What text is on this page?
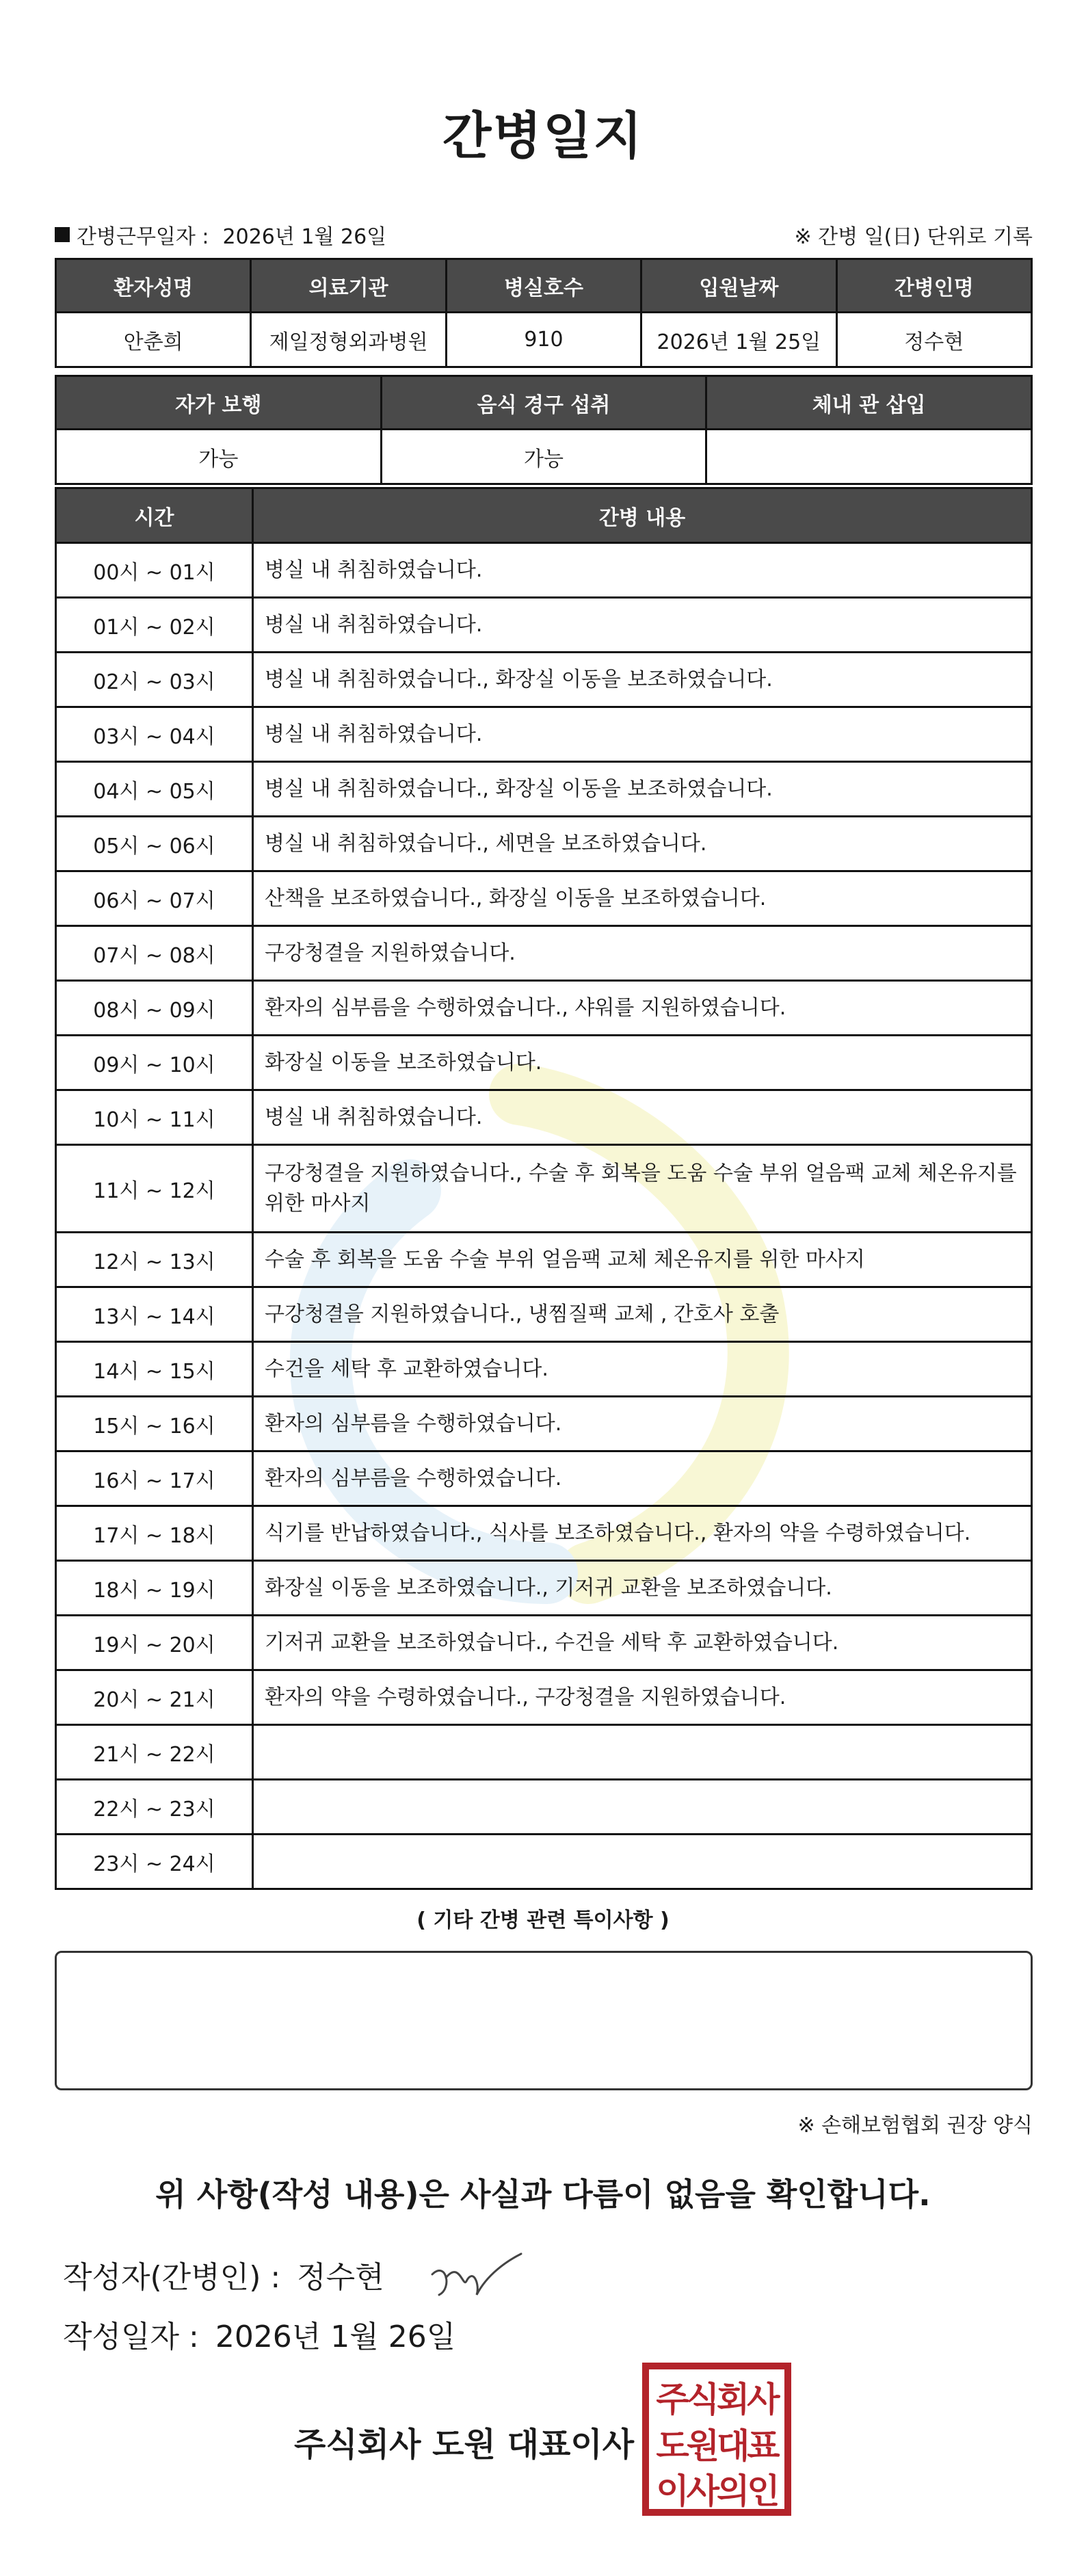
간병일지
간병근무일자 : 2026년 1월 26일	※ 간병 일(日) 단위로 기록
환자성명	의료기관	병실호수	입원날짜	간병인명
안춘희	제일정형외과병원	910	2026년 1월 25일	정수현
자가 보행	음식 경구 섭취	체내 관 삽입
가능	가능	
시간	간병 내용
00시 ~ 01시	병실 내 취침하였습니다.
01시 ~ 02시	병실 내 취침하였습니다.
02시 ~ 03시	병실 내 취침하였습니다., 화장실 이동을 보조하였습니다.
03시 ~ 04시	병실 내 취침하였습니다.
04시 ~ 05시	병실 내 취침하였습니다., 화장실 이동을 보조하였습니다.
05시 ~ 06시	병실 내 취침하였습니다., 세면을 보조하였습니다.
06시 ~ 07시	산책을 보조하였습니다., 화장실 이동을 보조하였습니다.
07시 ~ 08시	구강청결을 지원하였습니다.
08시 ~ 09시	환자의 심부름을 수행하였습니다., 샤워를 지원하였습니다.
09시 ~ 10시	화장실 이동을 보조하였습니다.
10시 ~ 11시	병실 내 취침하였습니다.
11시 ~ 12시	구강청결을 지원하였습니다., 수술 후 회복을 도움 수술 부위 얼음팩 교체 체온유지를 위한 마사지
12시 ~ 13시	수술 후 회복을 도움 수술 부위 얼음팩 교체 체온유지를 위한 마사지
13시 ~ 14시	구강청결을 지원하였습니다., 냉찜질팩 교체 , 간호사 호출
14시 ~ 15시	수건을 세탁 후 교환하였습니다.
15시 ~ 16시	환자의 심부름을 수행하였습니다.
16시 ~ 17시	환자의 심부름을 수행하였습니다.
17시 ~ 18시	식기를 반납하였습니다., 식사를 보조하였습니다., 환자의 약을 수령하였습니다.
18시 ~ 19시	화장실 이동을 보조하였습니다., 기저귀 교환을 보조하였습니다.
19시 ~ 20시	기저귀 교환을 보조하였습니다., 수건을 세탁 후 교환하였습니다.
20시 ~ 21시	환자의 약을 수령하였습니다., 구강청결을 지원하였습니다.
21시 ~ 22시	
22시 ~ 23시	
23시 ~ 24시	
( 기타 간병 관련 특이사항 )
※ 손해보험협회 권장 양식
위 사항(작성 내용)은 사실과 다름이 없음을 확인합니다.
작성자(간병인) : 정수현
작성일자 : 2026년 1월 26일
주식회사 도원 대표이사
주식회사
도원대표
이사의인
